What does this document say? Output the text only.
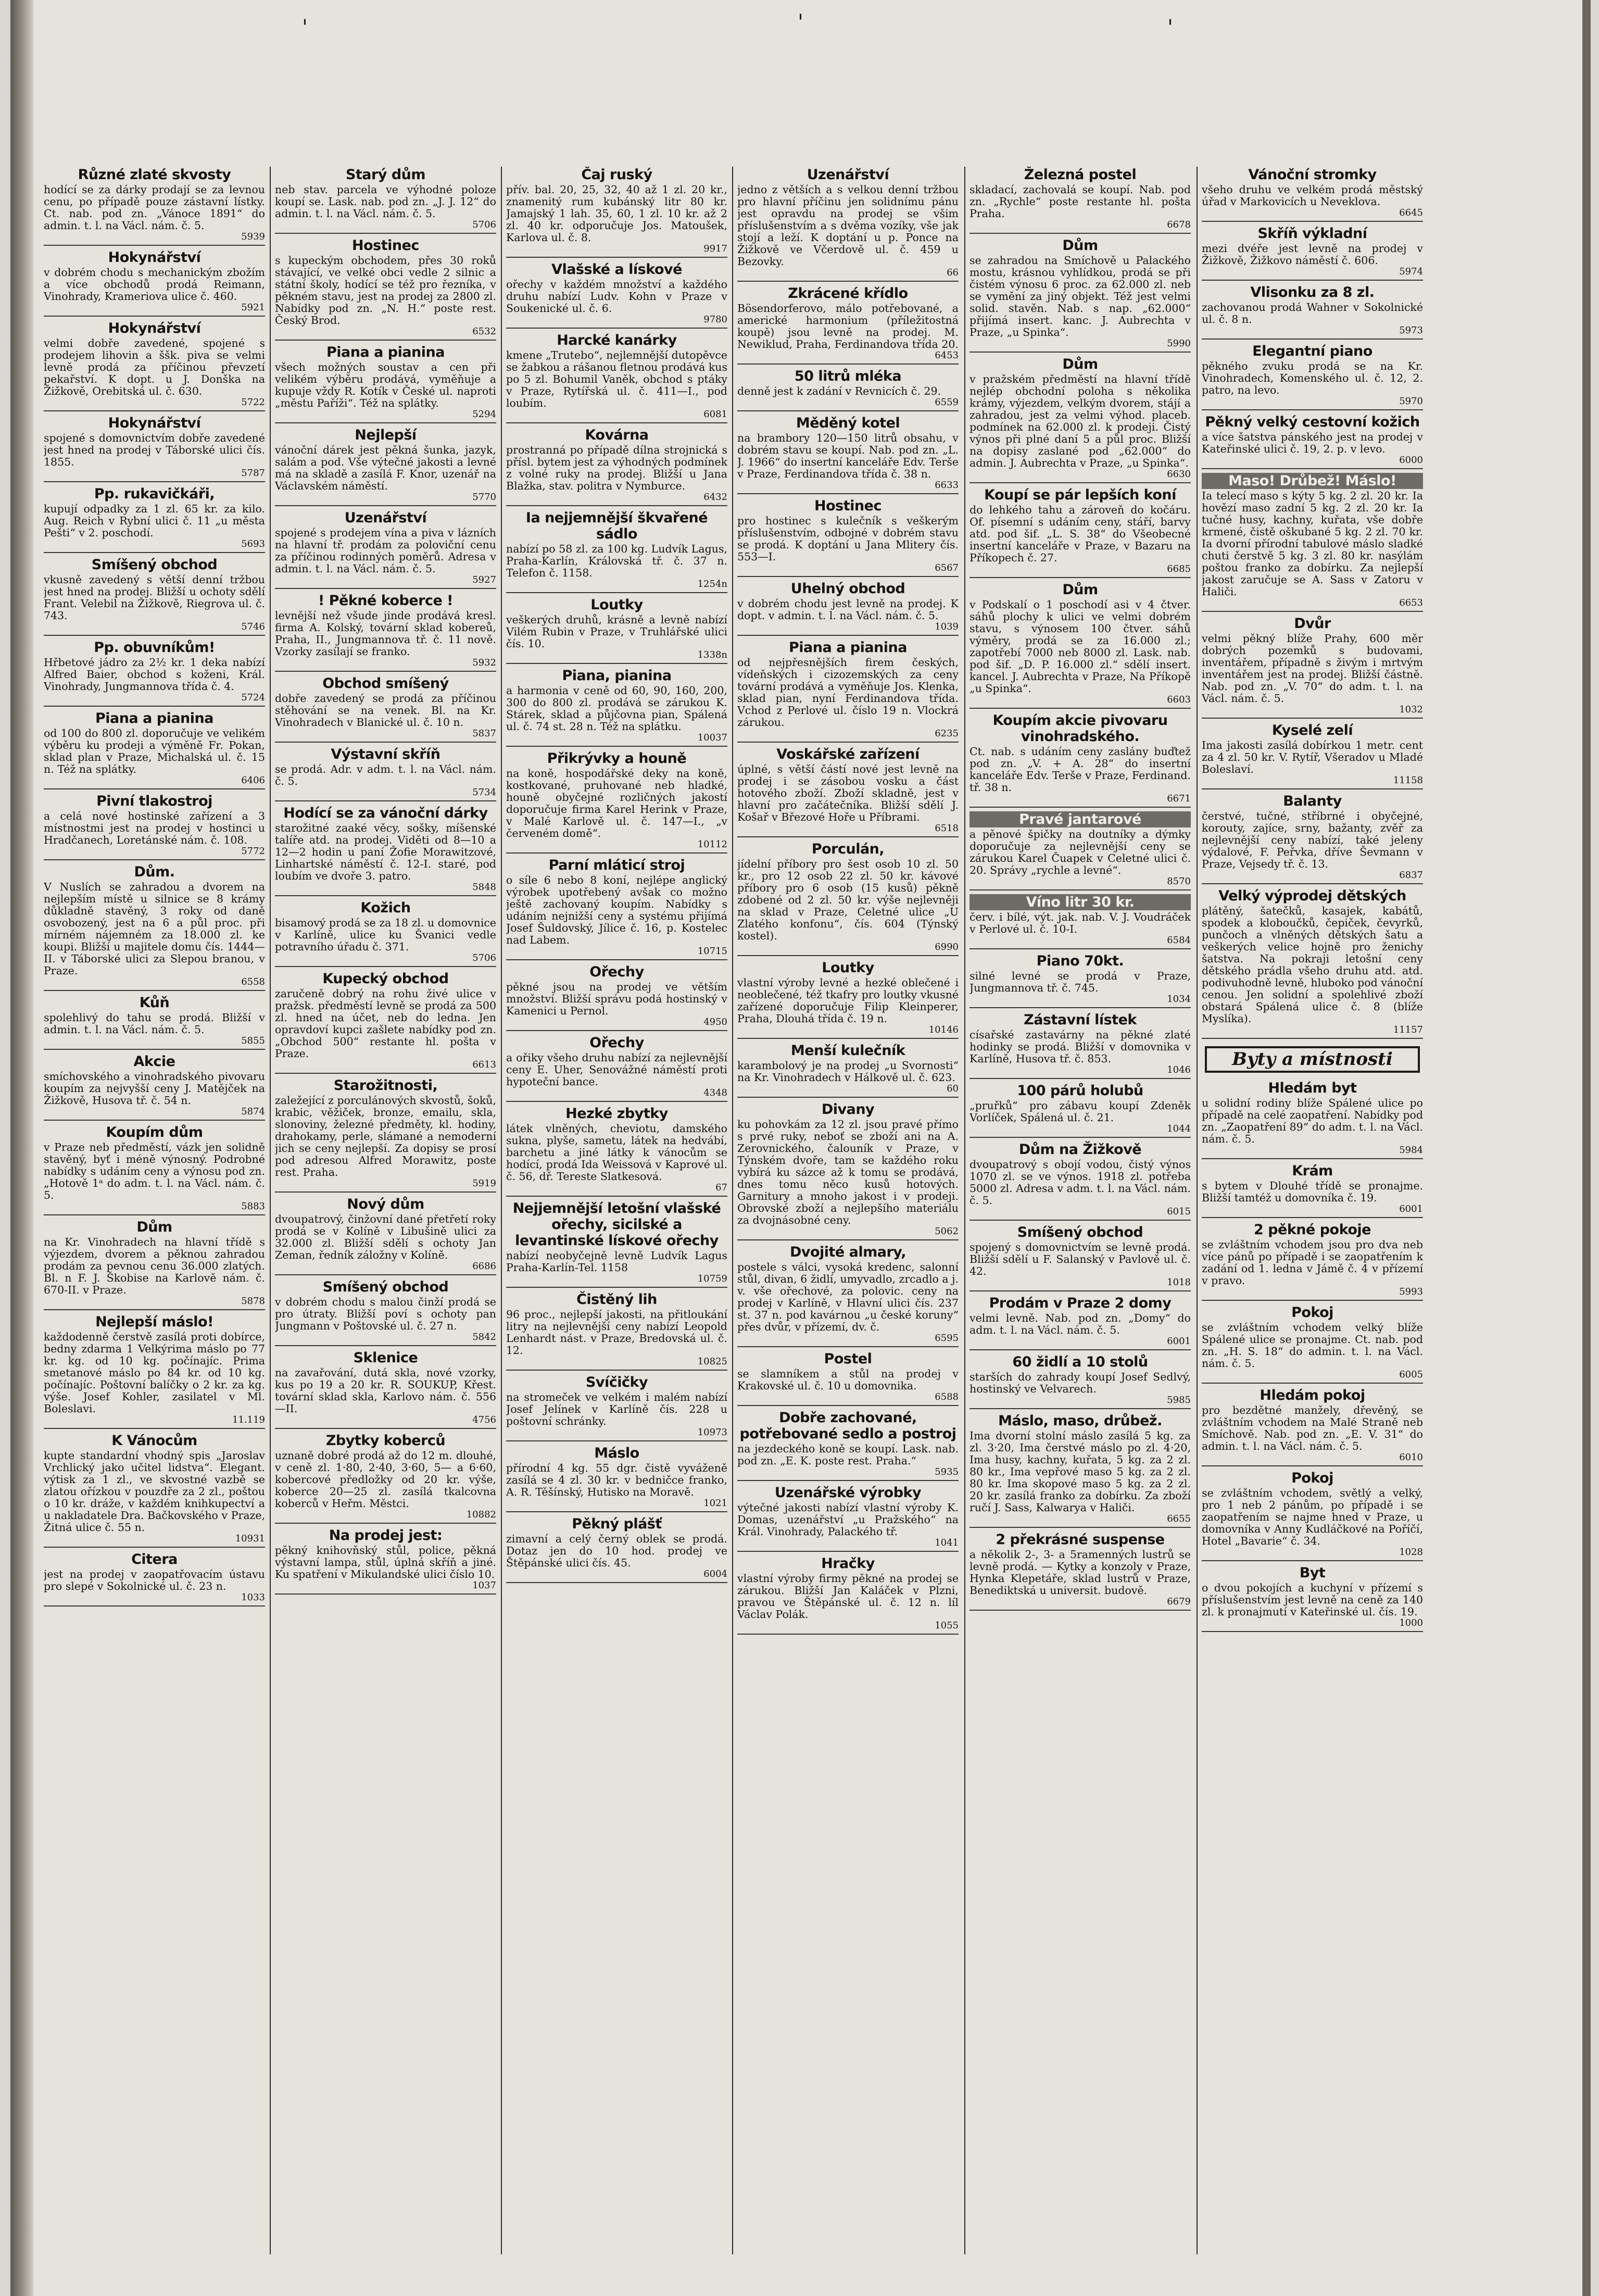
'	'	'
Různé zlaté skvosty

hodící se za dárky prodají se za levnou cenu, po případě pouze zástavní lístky. Ct. nab. pod zn. „Vánoce 1891“ do admin. t. l. na Václ. nám. č. 5.

5939
Hokynářství

v dobrém chodu s mechanickým zbožím a více obchodů prodá Reimann, Vinohrady, Krameriova ulice č. 460.

5921
Hokynářství

velmi dobře zavedené, spojené s prodejem lihovin a ššk. piva se velmi levně prodá za příčinou převzetí pekařství. K dopt. u J. Donška na Žižkově, Orebitská ul. č. 630.

5722
Hokynářství

spojené s domovnictvím dobře zavedené jest hned na prodej v Táborské ulici čís. 1855.

5787
Pp. rukavičkáři,

kupují odpadky za 1 zl. 65 kr. za kilo. Aug. Reich v Rybní ulici č. 11 „u města Pešti“ v 2. poschodí.

5693
Smíšený obchod

vkusně zavedený s větší denní tržbou jest hned na prodej. Bližší u ochoty sdělí Frant. Velebil na Žižkově, Riegrova ul. č. 743.

5746
Pp. obuvníkům!

Hřbetové jádro za 2½ kr. 1 deka nabízí Alfred Baier, obchod s koženi, Král. Vinohrady, Jungmannova třída č. 4.

5724
Piana a pianina

od 100 do 800 zl. doporučuje ve velikém výběru ku prodeji a výměně Fr. Pokan, sklad plan v Praze, Michalská ul. č. 15 n. Též na splátky.

6406
Pivní tlakostroj

a celá nové hostinské zařízení a 3 místnostmi jest na prodej v hostinci u Hradčanech, Loretánské nám. č. 108.

5772
Dům.

V Nuslích se zahradou a dvorem na nejlepším místě u silnice se 8 krámy důkladně stavěný, 3 roky od daně osvobozený, jest na 6 a půl proc. při mírném nájemném za 18.000 zl. ke koupi. Bližší u majitele domu čís. 1444—II. v Táborské ulici za Slepou branou, v Praze.

6558
Kůň

spolehlivý do tahu se prodá. Bližší v admin. t. l. na Václ. nám. č. 5.

5855
Akcie

smíchovského a vinohradského pivovaru koupím za nejvyšší ceny J. Matějček na Žižkově, Husova tř. č. 54 n.

5874
Koupím dům

v Praze neb předměstí, vázk jen solidně stavěný, byť i méně výnosný. Podrobné nabídky s udáním ceny a výnosu pod zn. „Hotově 1ᵃ do adm. t. l. na Václ. nám. č. 5.

5883
Dům

na Kr. Vinohradech na hlavní třídě s výjezdem, dvorem a pěknou zahradou prodám za pevnou cenu 36.000 zlatých. Bl. n F. J. Škobise na Karlově nám. č. 670-II. v Praze.

5878
Nejlepší máslo!

každodenně čerstvě zasílá proti dobírce, bedny zdarma 1 Velkýrima máslo po 77 kr. kg. od 10 kg. počínajíc. Prima smetanové máslo po 84 kr. od 10 kg. počínajíc. Poštovní balíčky o 2 kr. za kg. výše. Josef Kohler, zasilatel v Ml. Boleslavi.

11.119
K Vánocům

kupte standardní vhodný spis „Jaroslav Vrchlický jako učitel lidstva“. Elegant. výtisk za 1 zl., ve skvostné vazbě se zlatou ořízkou v pouzdře za 2 zl., poštou o 10 kr. dráže, v každém knihkupectví a u nakladatele Dra. Bačkovského v Praze, Žitná ulice č. 55 n.

10931
Citera

jest na prodej v zaopatřovacím ústavu pro slepé v Sokolnické ul. č. 23 n.

1033
Starý dům

neb stav. parcela ve výhodné poloze koupí se. Lask. nab. pod zn. „J. J. 12“ do admin. t. l. na Václ. nám. č. 5.

5706
Hostinec

s kupeckým obchodem, přes 30 roků stávající, ve velké obci vedle 2 silnic a státní školy, hodící se též pro řezníka, v pěkném stavu, jest na prodej za 2800 zl. Nabídky pod zn. „N. H.“ poste rest. Český Brod.

6532
Piana a pianina

všech možných soustav a cen při velikém výběru prodává, vyměňuje a kupuje vždy R. Kotík v České ul. naproti „městu Paříži“. Též na splátky.

5294
Nejlepší

vánoční dárek jest pěkná šunka, jazyk, salám a pod. Vše výtečné jakosti a levné má na skladě a zasílá F. Knor, uzenář na Václavském náměstí.

5770
Uzenářství

spojené s prodejem vína a piva v lázních na hlavní tř. prodám za poloviční cenu za příčinou rodinných poměrů. Adresa v admin. t. l. na Václ. nám. č. 5.

5927
! Pěkné koberce !

levnější než všude jinde prodává kresl. firma A. Kolský, tovární sklad kobereů, Praha, II., Jungmannova tř. č. 11 nově. Vzorky zasílají se franko.

5932
Obchod smíšený

dobře zavedený se prodá za příčinou stěhování se na venek. Bl. na Kr. Vinohradech v Blanické ul. č. 10 n.

5837
Výstavní skříň

se prodá. Adr. v adm. t. l. na Václ. nám. č. 5.

5734
Hodící se za vánoční dárky

starožitné zaaké věcy, sošky, míšenské talíře atd. na prodej. Viděti od 8—10 a 12—2 hodin u paní Žofie Morawitzové, Linhartské náměstí č. 12-I. staré, pod loubím ve dvoře 3. patro.

5848
Kožich

bisamový prodá se za 18 zl. u domovnice v Karlíně, ulice ku Švanici vedle potravního úřadu č. 371.

5706
Kupecký obchod

zaručeně dobrý na rohu živé ulice v pražsk. předměstí levně se prodá za 500 zl. hned na účet, neb do ledna. Jen opravdoví kupci zašlete nabídky pod zn. „Obchod 500“ restante hl. pošta v Praze.

6613
Starožitnosti,

zaležející z porculánových skvostů, šoků, krabic, věžiček, bronze, emailu, skla, slonoviny, železné předměty, kl. hodiny, drahokamy, perle, slámané a nemoderní jich se ceny nejlepší. Za dopisy se prosí pod adresou Alfred Morawitz, poste rest. Praha.

5919
Nový dům

dvoupatrový, činžovní dané přetřetí roky prodá se v Kolíně v Libušině ulici za 32.000 zl. Bližší sdělí s ochoty Jan Zeman, ředník záložny v Kolíně.

6686
Smíšený obchod

v dobrém chodu s malou činží prodá se pro útraty. Bližší poví s ochoty pan Jungmann v Poštovské ul. č. 27 n.

5842
Sklenice

na zavařování, dutá skla, nové vzorky, kus po 19 a 20 kr. R. SOUKUP, Křest. tovární sklad skla, Karlovo nám. č. 556—II.

4756
Zbytky koberců

uznaně dobré prodá až do 12 m. dlouhé, v ceně zl. 1·80, 2·40, 3·60, 5— a 6·60, kobercové předložky od 20 kr. výše, koberce 20—25 zl. zasílá tkalcovna koberců v Heřm. Městci.

10882
Na prodej jest:

pěkný knihovňský stůl, police, pěkná výstavní lampa, stůl, úplná skříň a jiné. Ku spatření v Mikulandské ulici číslo 10.

1037
Čaj ruský

přív. bal. 20, 25, 32, 40 až 1 zl. 20 kr., znamenitý rum kubánský litr 80 kr. Jamajský 1 lah. 35, 60, 1 zl. 10 kr. až 2 zl. 40 kr. odporučuje Jos. Matoušek, Karlova ul. č. 8.

9917
Vlašské a lískové

ořechy v každém množství a každého druhu nabízí Ludv. Kohn v Praze v Soukenické ul. č. 6.

9780
Harcké kanárky

kmene „Trutebo“, nejlemnější dutopěvce se žabkou a rášanou fletnou prodává kus po 5 zl. Bohumil Vaněk, obchod s ptáky v Praze, Rytířská ul. č. 411—I., pod loubím.

6081
Kovárna

prostranná po případě dílna strojnická s přísl. bytem jest za výhodných podmínek z volné ruky na prodej. Bližší u Jana Blažka, stav. politra v Nymburce.

6432
Ia nejjemnější škvařené sádlo

nabízí po 58 zl. za 100 kg. Ludvík Lagus, Praha-Karlín, Královská tř. č. 37 n. Telefon č. 1158.

1254n
Loutky

veškerých druhů, krásně a levně nabízí Vilém Rubin v Praze, v Truhlářské ulici čís. 10.

1338n
Piana, pianina

a harmonia v ceně od 60, 90, 160, 200, 300 do 800 zl. prodává se zárukou K. Stárek, sklad a půjčovna pian, Spálená ul. č. 74 st. 28 n. Též na splátku.

10037
Přikrývky a houně

na koně, hospodářské deky na koně, kostkované, pruhované neb hladké, houně obyčejné rozličných jakostí doporučuje firma Karel Herink v Praze, v Malé Karlově ul. č. 147—I., „v červeném domě“.

10112
Parní mláticí stroj

o síle 6 nebo 8 koní, nejlépe anglický výrobek upotřebený avšak co možno ještě zachovaný koupím. Nabídky s udáním nejnižší ceny a systému přijímá Josef Šuldovský, Jílice č. 16, p. Kostelec nad Labem.

10715
Ořechy

pěkné jsou na prodej ve větším množství. Bližší správu podá hostinský v Kamenici u Pernol.

4950
Ořechy

a ořiky všeho druhu nabízí za nejlevnější ceny E. Uher, Senovážné náměstí proti hypoteční bance.

4348
Hezké zbytky

látek vlněných, cheviotu, damského sukna, plyše, sametu, látek na hedvábí, barchetu a jiné látky k vánocům se hodící, prodá Ida Weissová v Kaprové ul. č. 56, dř. Tereste Slatkesová.

67
Nejjemnější letošní vlašské ořechy, sicilské a levantinské lískové ořechy

nabízí neobyčejně levně Ludvík Lagus Praha-Karlín-Tel. 1158

10759
Čistěný lih

96 proc., nejlepší jakosti, na přitloukání litry na nejlevnější ceny nabízí Leopold Lenhardt nást. v Praze, Bredovská ul. č. 12.

10825
Svíčičky

na stromeček ve velkém i malém nabízí Josef Jelínek v Karlíně čís. 228 u poštovní schránky.

10973
Máslo

přírodní 4 kg. 55 dgr. čistě vyváženě zasílá se 4 zl. 30 kr. v bedničce franko, A. R. Těšínský, Hutisko na Moravě.

1021
Pěkný plášť

zimavní a celý černý oblek se prodá. Dotaz jen do 10 hod. prodej ve Štěpánské ulici čís. 45.

6004
Uzenářství

jedno z větších a s velkou denní tržbou pro hlavní příčinu jen solidnímu pánu jest opravdu na prodej se všim příslušenstvím a s dvěma vozíky, vše jak stojí a leží. K doptání u p. Ponce na Žižkově ve Včerdově ul. č. 459 u Bezovky.

66
Zkrácené křídlo

Bösendorferovo, málo potřebované, a americké harmonium (příležitostná koupě) jsou levně na prodej. M. Newiklud, Praha, Ferdinandova třída 20.

6453
50 litrů mléka

denně jest k zadání v Revnicích č. 29.

6559
Měděný kotel

na brambory 120—150 litrů obsahu, v dobrém stavu se koupí. Nab. pod zn. „L. J. 1966“ do insertní kanceláře Edv. Terše v Praze, Ferdinandova třída č. 38 n.

6633
Hostinec

pro hostinec s kulečník s veškerým příslušenstvím, odbojné v dobrém stavu se prodá. K doptání u Jana Mlitery čís. 553—I.

6567
Uhelný obchod

v dobrém chodu jest levně na prodej. K dopt. v admin. t. l. na Václ. nám. č. 5.

1039
Piana a pianina

od nejpřesnějších firem českých, vídeňských i cizozemských za ceny tovární prodává a vyměňuje Jos. Klenka, sklad pian, nyní Ferdinandova třída. Vchod z Perlové ul. číslo 19 n. Vlockrá zárukou.

6235
Voskářské zařízení

úplné, s větší částí nové jest levně na prodej i se zásobou vosku a část hotového zboží. Zboží skladně, jest v hlavní pro začátečníka. Bližší sdělí J. Košař v Březové Hoře u Příbrami.

6518
Porculán,

jídelní příbory pro šest osob 10 zl. 50 kr., pro 12 osob 22 zl. 50 kr. kávové příbory pro 6 osob (15 kusů) pěkně zdobené od 2 zl. 50 kr. výše nejlevněji na sklad v Praze, Celetné ulice „U Zlatého konfonu“, čís. 604 (Týnský kostel).

6990
Loutky

vlastní výroby levné a hezké oblečené i neoblečené, též tkafry pro loutky vkusné zařízené doporučuje Filip Kleinperer, Praha, Dlouhá třída č. 19 n.

10146
Menší kulečník

karambolový je na prodej „u Svornosti“ na Kr. Vinohradech v Hálkově ul. č. 623.

60
Divany

ku pohovkám za 12 zl. jsou pravé přímo s prvé ruky, neboť se zboží ani na A. Zerovnického, čalouník v Praze, v Týnském dvoře, tam se každého roku vybírá ku sázce až k tomu se prodává, dnes tomu něco kusů hotových. Garnitury a mnoho jakost i v prodeji. Obrovské zboží a nejlepšího materiálu za dvojnásobné ceny.

5062
Dvojité almary,

postele s válci, vysoká kredenc, salonní stůl, divan, 6 židlí, umyvadlo, zrcadlo a j. v. vše ořechové, za polovic. ceny na prodej v Karlíně, v Hlavní ulici čís. 237 st. 37 n. pod kavárnou „u české koruny“ přes dvůr, v přízemí, dv. č.

6595
Postel

se slamníkem a stůl na prodej v Krakovské ul. č. 10 u domovnika.

6588
Dobře zachované, potřebované sedlo a postroj

na jezdeckého koně se koupí. Lask. nab. pod zn. „E. K. poste rest. Praha.“

5935
Uzenářské výrobky

výtečné jakosti nabízí vlastní výroby K. Domas, uzenářství „u Pražského“ na Král. Vinohrady, Palackého tř.

1041
Hračky

vlastní výroby firmy pěkné na prodej se zárukou. Bližší Jan Kaláček v Plzni, pravou ve Štěpánské ul. č. 12 n. líl Václav Polák.

1055
Železná postel

skladací, zachovalá se koupí. Nab. pod zn. „Rychle“ poste restante hl. pošta Praha.

6678
Dům

se zahradou na Smíchově u Palackého mostu, krásnou vyhlídkou, prodá se při čistém výnosu 6 proc. za 62.000 zl. neb se vymění za jiný objekt. Též jest velmi solid. stavěn. Nab. s nap. „62.000“ přijímá insert. kanc. J. Aubrechta v Praze, „u Spinka“.

5990
Dům

v pražském předměstí na hlavní třídě nejlép obchodní poloha s několika krámy, výjezdem, velkým dvorem, stájí a zahradou, jest za velmi výhod. placeb. podmínek na 62.000 zl. k prodeji. Čistý výnos při plné daní 5 a půl proc. Bližší na dopisy zaslané pod „62.000“ do admin. J. Aubrechta v Praze, „u Spinka“.

6630
Koupí se pár lepších koní

do lehkého tahu a zároveň do kočáru. Of. písemní s udáním ceny, stáří, barvy atd. pod šif. „L. S. 38“ do Všeobecné insertní kanceláře v Praze, v Bazaru na Příkopech č. 27.

6685
Dům

v Podskalí o 1 poschodí asi v 4 čtver. sáhů plochy k ulici ve velmi dobrém stavu, s výnosem 100 čtver. sáhů výměry, prodá se za 16.000 zl.; zapotřebí 7000 neb 8000 zl. Lask. nab. pod šif. „D. P. 16.000 zl.“ sdělí insert. kancel. J. Aubrechta v Praze, Na Příkopě „u Spinka“.

6603
Koupím akcie pivovaru vinohradského.

Ct. nab. s udáním ceny zaslány buďtež pod zn. „V. + A. 28“ do insertní kanceláře Edv. Terše v Praze, Ferdinand. tř. 38 n.

6671
Pravé jantarové

a pěnové špičky na doutníky a dýmky doporučuje za nejlevnější ceny se zárukou Karel Čuapek v Celetné ulici č. 20. Správy „rychle a levné“.

8570
Víno litr 30 kr.

červ. i bílé, výt. jak. nab. V. J. Voudráček v Perlové ul. č. 10-I.

6584
Piano 70kt.

silné levné se prodá v Praze, Jungmannova tř. č. 745.

1034
Zástavní lístek

císařské zastavárny na pěkné zlaté hodinky se prodá. Bližší v domovnika v Karlíně, Husova tř. č. 853.

1046
100 párů holubů

„pruřků“ pro zábavu koupí Zdeněk Vorlíček, Spálená ul. č. 21.

1044
Dům na Žižkově

dvoupatrový s obojí vodou, čistý výnos 1070 zl. se ve výnos. 1918 zl. potřeba 5000 zl. Adresa v adm. t. l. na Václ. nám. č. 5.

6015
Smíšený obchod

spojený s domovnictvím se levně prodá. Bližší sdělí u F. Salanský v Pavlově ul. č. 42.

1018
Prodám v Praze 2 domy

velmi levně. Nab. pod zn. „Domy“ do adm. t. l. na Václ. nám. č. 5.

6001
60 židlí a 10 stolů

starších do zahrady koupí Josef Sedlvý, hostinský ve Velvarech.

5985
Máslo, maso, drůbež.

Ima dvorní stolní máslo zasílá 5 kg. za zl. 3·20, Ima čerstvé máslo po zl. 4·20, Ima husy, kachny, kuřata, 5 kg. za 2 zl. 80 kr., Ima vepřové maso 5 kg. za 2 zl. 80 kr. Ima skopové maso 5 kg. za 2 zl. 20 kr. zasílá franko za dobírku. Za zboží ručí J. Sass, Kalwarya v Haliči.

6655
2 překrásné suspense

a několik 2-, 3- a 5ramenných lustrů se levně prodá. — Kytky a konzoly v Praze, Hynka Klepetáře, sklad lustrů v Praze, Benediktská u universit. budově.

6679
Vánoční stromky

všeho druhu ve velkém prodá městský úřad v Markovicích u Neveklova.

6645
Skříň výkladní

mezi dvéře jest levně na prodej v Žižkově, Žižkovo náměstí č. 606.

5974
Vlisonku za 8 zl.

zachovanou prodá Wahner v Sokolnické ul. č. 8 n.

5973
Elegantní piano

pěkného zvuku prodá se na Kr. Vinohradech, Komenského ul. č. 12, 2. patro, na levo.

5970
Pěkný velký cestovní kožich

a více šatstva pánského jest na prodej v Kateřinské ulici č. 19, 2. p. v levo.

6000
Maso! Drůbež! Máslo!

Ia telecí maso s kýty 5 kg. 2 zl. 20 kr. Ia hovězí maso zadní 5 kg. 2 zl. 20 kr. Ia tučné husy, kachny, kuřata, vše dobře krmené, čistě oškubané 5 kg. 2 zl. 70 kr. Ia dvorní přírodní tabulové máslo sladké chuti čerstvě 5 kg. 3 zl. 80 kr. nasýlám poštou franko za dobírku. Za nejlepší jakost zaručuje se A. Sass v Zatoru v Haliči.

6653
Dvůr

velmi pěkný blíže Prahy, 600 měr dobrých pozemků s budovami, inventářem, případně s živým i mrtvým inventářem jest na prodej. Bližší částně. Nab. pod zn. „V. 70“ do adm. t. l. na Václ. nám. č. 5.

1032
Kyselé zelí

Ima jakosti zasílá dobírkou 1 metr. cent za 4 zl. 50 kr. V. Rytíř, Všeradov u Mladé Boleslaví.

11158
Balanty

čerstvé, tučné, stříbrné i obyčejné, korouty, zajíce, srny, bažanty, zvěř za nejlevnější ceny nabízí, také jeleny výdalové, F. Peřvka, dříve Ševmann v Praze, Vejsedy tř. č. 13.

6837
Velký výprodej dětských

plátěný, šatečků, kasajek, kabátů, spodek a kloboučků, čepiček, čevyrků, punčoch a vlněných dětských šatu a veškerých velice hojně pro ženichy šatstva. Na pokraji letošní ceny dětského prádla všeho druhu atd. atd. podivuhodně levně, hluboko pod vánoční cenou. Jen solidní a spolehlivé zboží obstará Spálená ulice č. 8 (blíže Myslíka).

11157
Byty a místnosti
Hledám byt

u solidní rodiny blíže Spálené ulice po případě na celé zaopatření. Nabídky pod zn. „Zaopatření 89“ do adm. t. l. na Václ. nám. č. 5.

5984
Krám

s bytem v Dlouhé třídě se pronajme. Bližší tamtéž u domovníka č. 19.

6001
2 pěkné pokoje

se zvláštním vchodem jsou pro dva neb více pánů po případě i se zaopatřením k zadání od 1. ledna v Jámě č. 4 v přízemí v pravo.

5993
Pokoj

se zvláštním vchodem velký blíže Spálené ulice se pronajme. Ct. nab. pod zn. „H. S. 18“ do admin. t. l. na Václ. nám. č. 5.

6005
Hledám pokoj

pro bezdětné manžely, dřevěný, se zvláštním vchodem na Malé Straně neb Smíchově. Nab. pod zn. „E. V. 31“ do admin. t. l. na Václ. nám. č. 5.

6010
Pokoj

se zvláštním vchodem, světlý a velký, pro 1 neb 2 pánům, po případě i se zaopatřením se najme hned v Praze, u domovníka v Anny Kudláčkové na Poříčí, Hotel „Bavarie“ č. 34.

1028
Byt

o dvou pokojích a kuchyní v přízemí s příslušenstvím jest levně na ceně za 140 zl. k pronajmutí v Kateřinské ul. čís. 19.

1000
